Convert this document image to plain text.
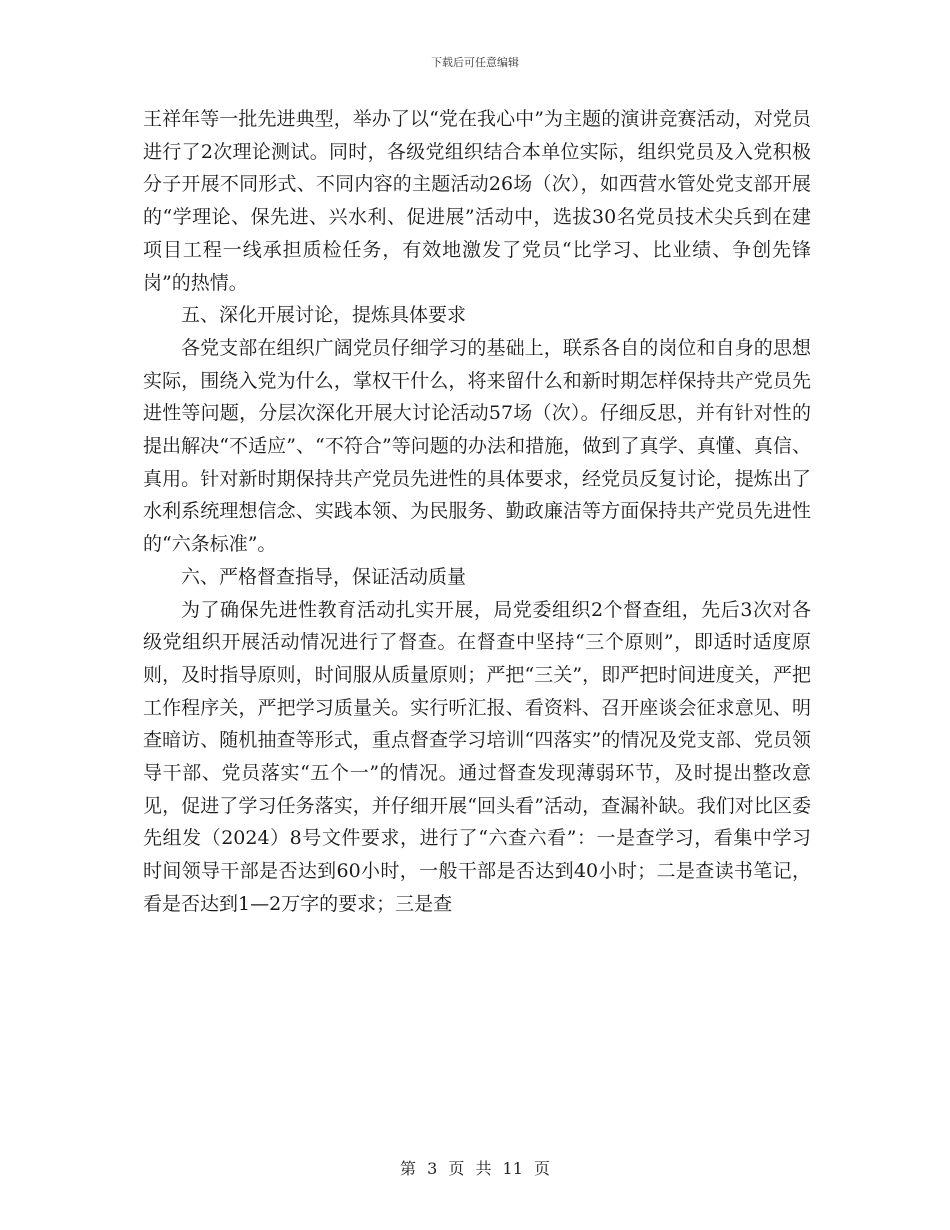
下载后可任意编辑

王祥年等一批先进典型，举办了以“党在我心中”为主题的演讲竞赛活动，对党员进行了2次理论测试。同时，各级党组织结合本单位实际，组织党员及入党积极分子开展不同形式、不同内容的主题活动26场（次），如西营水管处党支部开展的“学理论、保先进、兴水利、促进展”活动中，选拔30名党员技术尖兵到在建项目工程一线承担质检任务，有效地激发了党员“比学习、比业绩、争创先锋岗”的热情。

五、深化开展讨论，提炼具体要求

各党支部在组织广阔党员仔细学习的基础上，联系各自的岗位和自身的思想实际，围绕入党为什么，掌权干什么，将来留什么和新时期怎样保持共产党员先进性等问题，分层次深化开展大讨论活动57场（次）。仔细反思，并有针对性的提出解决“不适应”、“不符合”等问题的办法和措施，做到了真学、真懂、真信、真用。针对新时期保持共产党员先进性的具体要求，经党员反复讨论，提炼出了水利系统理想信念、实践本领、为民服务、勤政廉洁等方面保持共产党员先进性的“六条标准”。

六、严格督查指导，保证活动质量

为了确保先进性教育活动扎实开展，局党委组织2个督查组，先后3次对各级党组织开展活动情况进行了督查。在督查中坚持“三个原则”，即适时适度原则，及时指导原则，时间服从质量原则；严把“三关”，即严把时间进度关，严把工作程序关，严把学习质量关。实行听汇报、看资料、召开座谈会征求意见、明查暗访、随机抽查等形式，重点督查学习培训“四落实”的情况及党支部、党员领导干部、党员落实“五个一”的情况。通过督查发现薄弱环节，及时提出整改意见，促进了学习任务落实，并仔细开展“回头看”活动，查漏补缺。我们对比区委先组发（2024）8号文件要求，进行了“六查六看”：一是查学习，看集中学习时间领导干部是否达到60小时，一般干部是否达到40小时；二是查读书笔记，看是否达到1—2万字的要求；三是查

第 3 页 共 11 页
